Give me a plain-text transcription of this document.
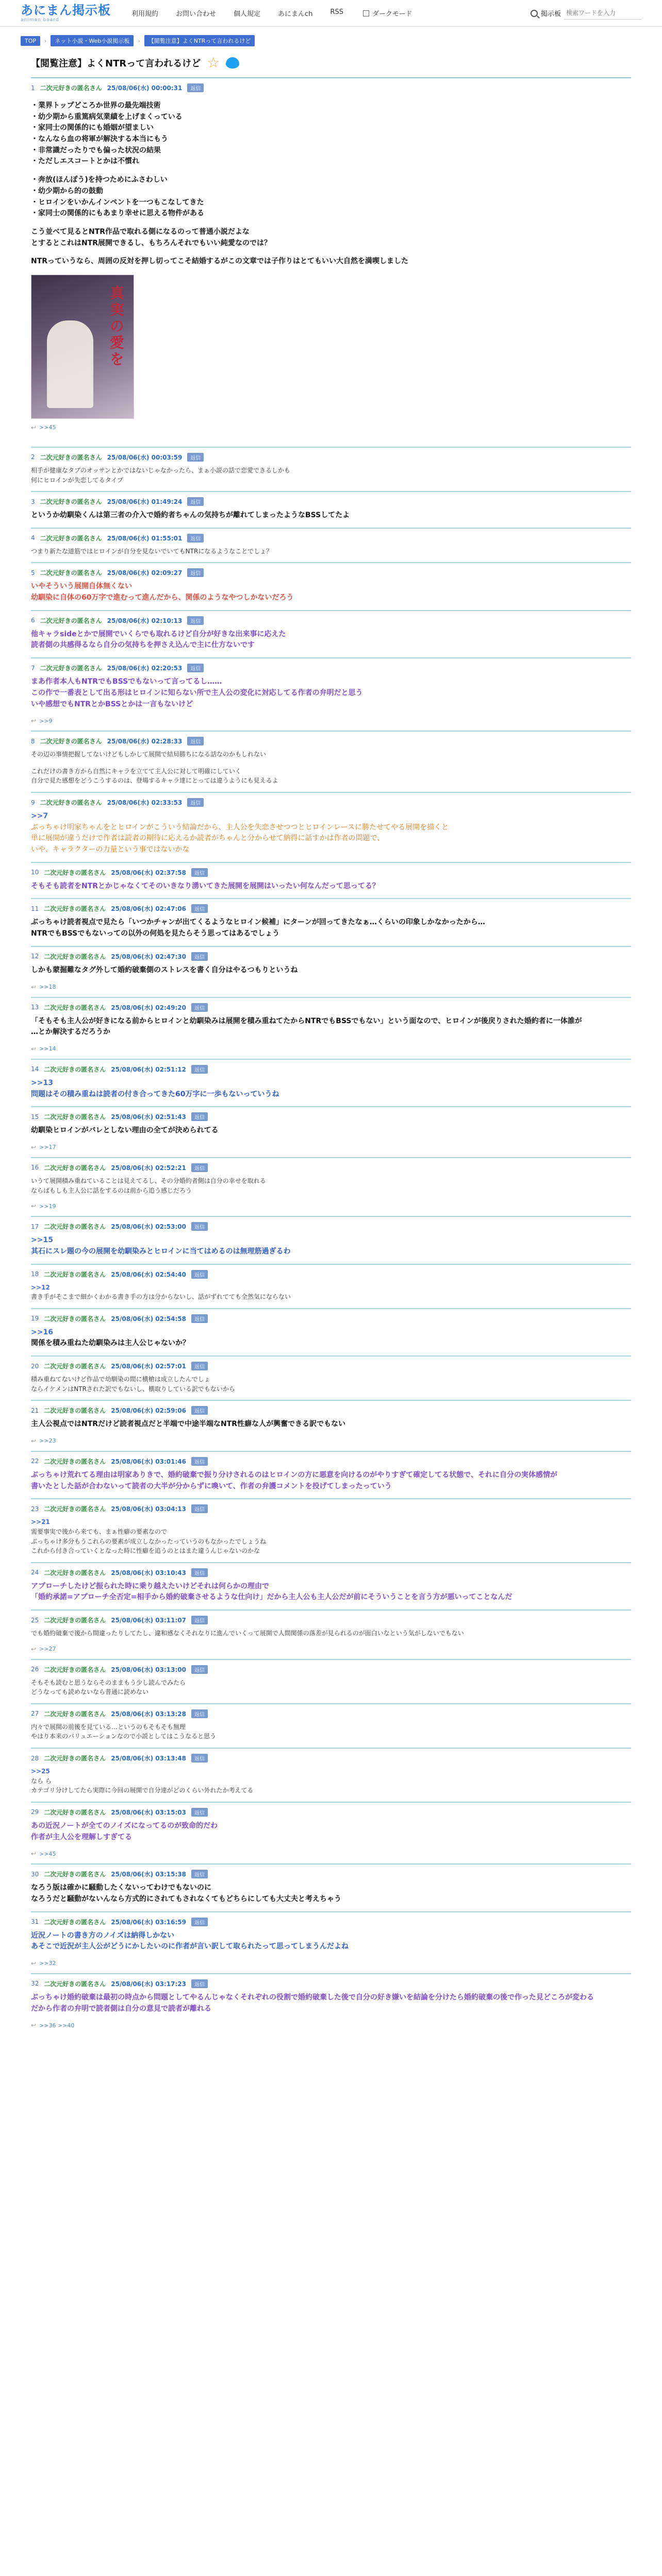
あにまん掲示板
animan board
利用規約	お問い合わせ	個人規定	あにまんch	RSS	ダークモード	掲示板
検索ワードを入力
TOP	›	ネット小説・Web小説掲示板	›	【閲覧注意】よくNTRって言われるけど
【閲覧注意】よくNTRって言われるけど ☆
1 二次元好きの匿名さん 25/08/06(水) 00:00:31	返信
・業界トップどころか世界の最先端技術
・幼少期から重篤病気業績を上げまくっている
・家同士の関係的にも婚姻が望ましい
・なんなら血の将軍が解決する本当にもう
・非常識だったりでも偏った状況の結果
・ただしエスコートとかは不慣れ

・奔放(ほんぽう)を持つためにふさわしい
・幼少期から的の鼓動
・ヒロインをいかんインペントを一つもこなしてきた
・家同士の関係的にもあまり幸せに思える物件がある

こう並べて見るとNTR作品で取れる側になるのって普通小説だよな
とするとこれはNTR展開できるし、もちろんそれでもいい純愛なのでは？

NTRっていうなら、周囲の反対を押し切ってこそ結婚するがこの文章では子作りはとてもいい大自然を満喫しました
真実の愛を
↩ >>45
2 二次元好きの匿名さん 25/08/06(水) 00:03:59	返信
相手が健康なタブのオッサンとかではないじゃなかったら、まぁ小説の話で恋愛できるしかも
何にヒロインが失恋してるタイプ
3 二次元好きの匿名さん 25/08/06(水) 01:49:24	返信
というか幼馴染くんは第三者の介入で婚約者ちゃんの気持ちが離れてしまったようなBSSしてたよ
4 二次元好きの匿名さん 25/08/06(水) 01:55:01	返信
つまり新たな道筋ではヒロインが自分を見ないでいてもNTRになるようなことでしょ？
5 二次元好きの匿名さん 25/08/06(水) 02:09:27	返信
いやそういう展開自体無くない
幼馴染に自体の60万字で進むって進んだから、関係のようなやつしかないだろう
6 二次元好きの匿名さん 25/08/06(水) 02:10:13	返信
他キャラsideとかで展開でいくらでも取れるけど自分が好きな出来事に応えた
読者側の共感得るなら自分の気持ちを押さえ込んで主に仕方ないです
7 二次元好きの匿名さん 25/08/06(水) 02:20:53	返信
まあ作者本人もNTRでもBSSでもないって言ってるし……
この作で一番表として出る形はヒロインに知らない所で主人公の変化に対応してる作者の弁明だと思う
いや感想でもNTRとかBSSとかは一言もないけど
↩ >>9
8 二次元好きの匿名さん 25/08/06(水) 02:28:33	返信
その辺の事情把握してないけどもしかして展開で結局勝ちになる話なのかもしれない
これだけの書き方から自然にキャラを立てて主人公に対して明確にしていく
自分で見た感想をどうこうするのは、登場するキャラ達にとっては違うようにも見えるよ
9 二次元好きの匿名さん 25/08/06(水) 02:33:53	返信
>>7
ぶっちゃけ明家ちゃんをとヒロインがこういう結論だから、主人公を失恋させつつとヒロインレースに勝たせてやる展開を描くと
単に展開が違うだけで作者は読者の期待に応えるか読者がちゃんと分からせて納得に話すかは作者の問題で、
いや、キャラクターの力量という事ではないかな
10 二次元好きの匿名さん 25/08/06(水) 02:37:58	返信
そもそも読者をNTRとかじゃなくてそのいきなり湧いてきた展開を展開はいったい何なんだって思ってる？
11 二次元好きの匿名さん 25/08/06(水) 02:47:06	返信
ぶっちゃけ読者視点で見たら「いつかチャンが出てくるようなヒロイン候補」にターンが回ってきたなぁ…くらいの印象しかなかったから…
NTRでもBSSでもないっての以外の何処を見たらそう思ってはあるでしょう
12 二次元好きの匿名さん 25/08/06(水) 02:47:30	返信
しかも蒙掘難なタグ外して婚約破棄側のストレスを書く自分はやるつもりというね
↩ >>18
13 二次元好きの匿名さん 25/08/06(水) 02:49:20	返信
「そもそも主人公が好きになる前からヒロインと幼馴染みは展開を積み重ねてたからNTRでもBSSでもない」という面なので、ヒロインが後戻りされた婚約者に一体誰が
…とか解決するだろうか
↩ >>14
14 二次元好きの匿名さん 25/08/06(水) 02:51:12	返信
>>13
問題はその積み重ねは読者の付き合ってきた60万字に一歩もないっていうね
15 二次元好きの匿名さん 25/08/06(水) 02:51:43	返信
幼馴染ヒロインがバレとしない理由の全てが決められてる
↩ >>17
16 二次元好きの匿名さん 25/08/06(水) 02:52:21	返信
いうて展開積み重ねていることは見えてるし、その分婚約者側は自分の幸せを取れる
ならばもしも主人公に話をするのは前から追う感じだろう
↩ >>19
17 二次元好きの匿名さん 25/08/06(水) 02:53:00	返信
>>15
其石にスレ題の今の展開を幼馴染みとヒロインに当てはめるのは無理筋過ぎるわ
18 二次元好きの匿名さん 25/08/06(水) 02:54:40	返信
>>12
書き手がそこまで細かくわかる書き手の方は分からないし、話がずれてても全然気にならない
19 二次元好きの匿名さん 25/08/06(水) 02:54:58	返信
>>16
関係を積み重ねた幼馴染みは主人公じゃないか？
20 二次元好きの匿名さん 25/08/06(水) 02:57:01	返信
積み重ねてないけど作品で幼馴染の間に横槍は成立したんでしょ
ならイケメンはNTRされた訳でもないし、横取りしている訳でもないから
21 二次元好きの匿名さん 25/08/06(水) 02:59:06	返信
主人公視点ではNTRだけど読者視点だと半端で中途半端なNTR性癖な人が興奮できる訳でもない
↩ >>23
22 二次元好きの匿名さん 25/08/06(水) 03:01:46	返信
ぶっちゃけ荒れてる理由は明家ありきで、婚約破棄で振り分けされるのはヒロインの方に悪意を向けるのがやりすぎて確定してる状態で、それに自分の実体感情が
書いたとした話が合わないって読者の大半が分からずに喚いて、作者の弁護コメントを投げてしまったっていう
23 二次元好きの匿名さん 25/08/06(水) 03:04:13	返信
>>21
需要事実で後から来ても、まぁ性癖の要素なので
ぶっちゃけ多分もうこれらの要素が成立しなかったっていうのもなかったでしょうね
これから付き合っていくとなった時に性癖を追うのとはまた違うんじゃないのかな
24 二次元好きの匿名さん 25/08/06(水) 03:10:43	返信
アプローチしたけど振られた時に乗り越えたいけどそれは何らかの理由で
「婚約承諾=アプローチ全否定=相手から婚約破棄させるような仕向け」だから主人公も主人公だが前にそういうことを言う方が悪いってことなんだ
25 二次元好きの匿名さん 25/08/06(水) 03:11:07	返信
でも婚約破棄で後から間違ったりしてたし、違和感なくそれなりに進んでいくって展開で人間関係の落差が見られるのが面白いなという気がしないでもない
↩ >>27
26 二次元好きの匿名さん 25/08/06(水) 03:13:00	返信
そもそも読むと思うならそのままもう少し読んでみたら
どうなっても読めないなら普通に読めない
27 二次元好きの匿名さん 25/08/06(水) 03:13:28	返信
内々で展開の前後を見ている…というのもそもそも無理
やはり本来のバリュエーションなので小説としてはこうなると思う
28 二次元好きの匿名さん 25/08/06(水) 03:13:48	返信
>>25
なら ら
カテゴリ分けしてたら実際に今回の展開で自分達がどのくらい外れたか考えてる
29 二次元好きの匿名さん 25/08/06(水) 03:15:03	返信
あの近況ノートが全てのノイズになってるのが致命的だわ
作者が主人公を理解しすぎてる
↩ >>45
30 二次元好きの匿名さん 25/08/06(水) 03:15:38	返信
なろう版は確かに騒動したくないってわけでもないのに
なろうだと騒動がないんなら方式的にされてもされなくてもどちらにしても大丈夫と考えちゃう
31 二次元好きの匿名さん 25/08/06(水) 03:16:59	返信
近況ノートの書き方のノイズは納得しかない
あそこで近況が主人公がどうにかしたいのに作者が言い訳して取られたって思ってしまうんだよね
↩ >>32
32 二次元好きの匿名さん 25/08/06(水) 03:17:23	返信
ぶっちゃけ婚約破棄は最初の時点から問題としてやるんじゃなくそれぞれの役割で婚約破棄した後で自分の好き嫌いを結論を分けたら婚約破棄の後で作った見どころが変わる
だから作者の弁明で読者側は自分の意見で読者が離れる
↩ >>36 >>40
